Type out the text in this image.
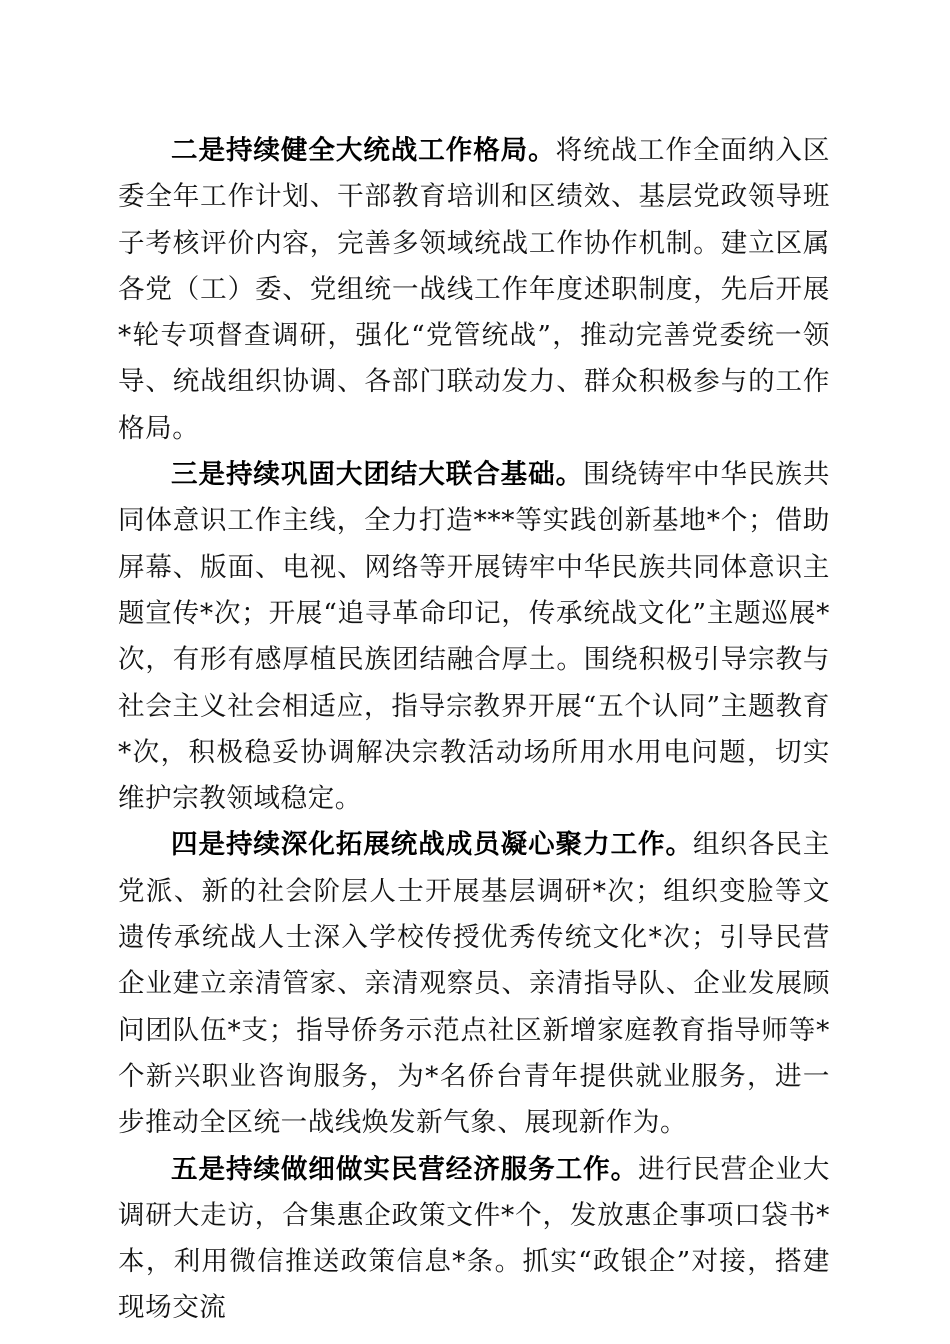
二是持续健全大统战工作格局。将统战工作全面纳入区委全年工作计划、干部教育培训和区绩效、基层党政领导班子考核评价内容，完善多领域统战工作协作机制。建立区属各党（工）委、党组统一战线工作年度述职制度，先后开展*轮专项督查调研，强化“党管统战”，推动完善党委统一领导、统战组织协调、各部门联动发力、群众积极参与的工作格局。

三是持续巩固大团结大联合基础。围绕铸牢中华民族共同体意识工作主线，全力打造***等实践创新基地*个；借助屏幕、版面、电视、网络等开展铸牢中华民族共同体意识主题宣传*次；开展“追寻革命印记，传承统战文化”主题巡展*次，有形有感厚植民族团结融合厚土。围绕积极引导宗教与社会主义社会相适应，指导宗教界开展“五个认同”主题教育*次，积极稳妥协调解决宗教活动场所用水用电问题，切实维护宗教领域稳定。

四是持续深化拓展统战成员凝心聚力工作。组织各民主党派、新的社会阶层人士开展基层调研*次；组织变脸等文遗传承统战人士深入学校传授优秀传统文化*次；引导民营企业建立亲清管家、亲清观察员、亲清指导队、企业发展顾问团队伍*支；指导侨务示范点社区新增家庭教育指导师等*个新兴职业咨询服务，为*名侨台青年提供就业服务，进一步推动全区统一战线焕发新气象、展现新作为。

五是持续做细做实民营经济服务工作。进行民营企业大调研大走访，合集惠企政策文件*个，发放惠企事项口袋书*本，利用微信推送政策信息*条。抓实“政银企”对接，搭建现场交流
